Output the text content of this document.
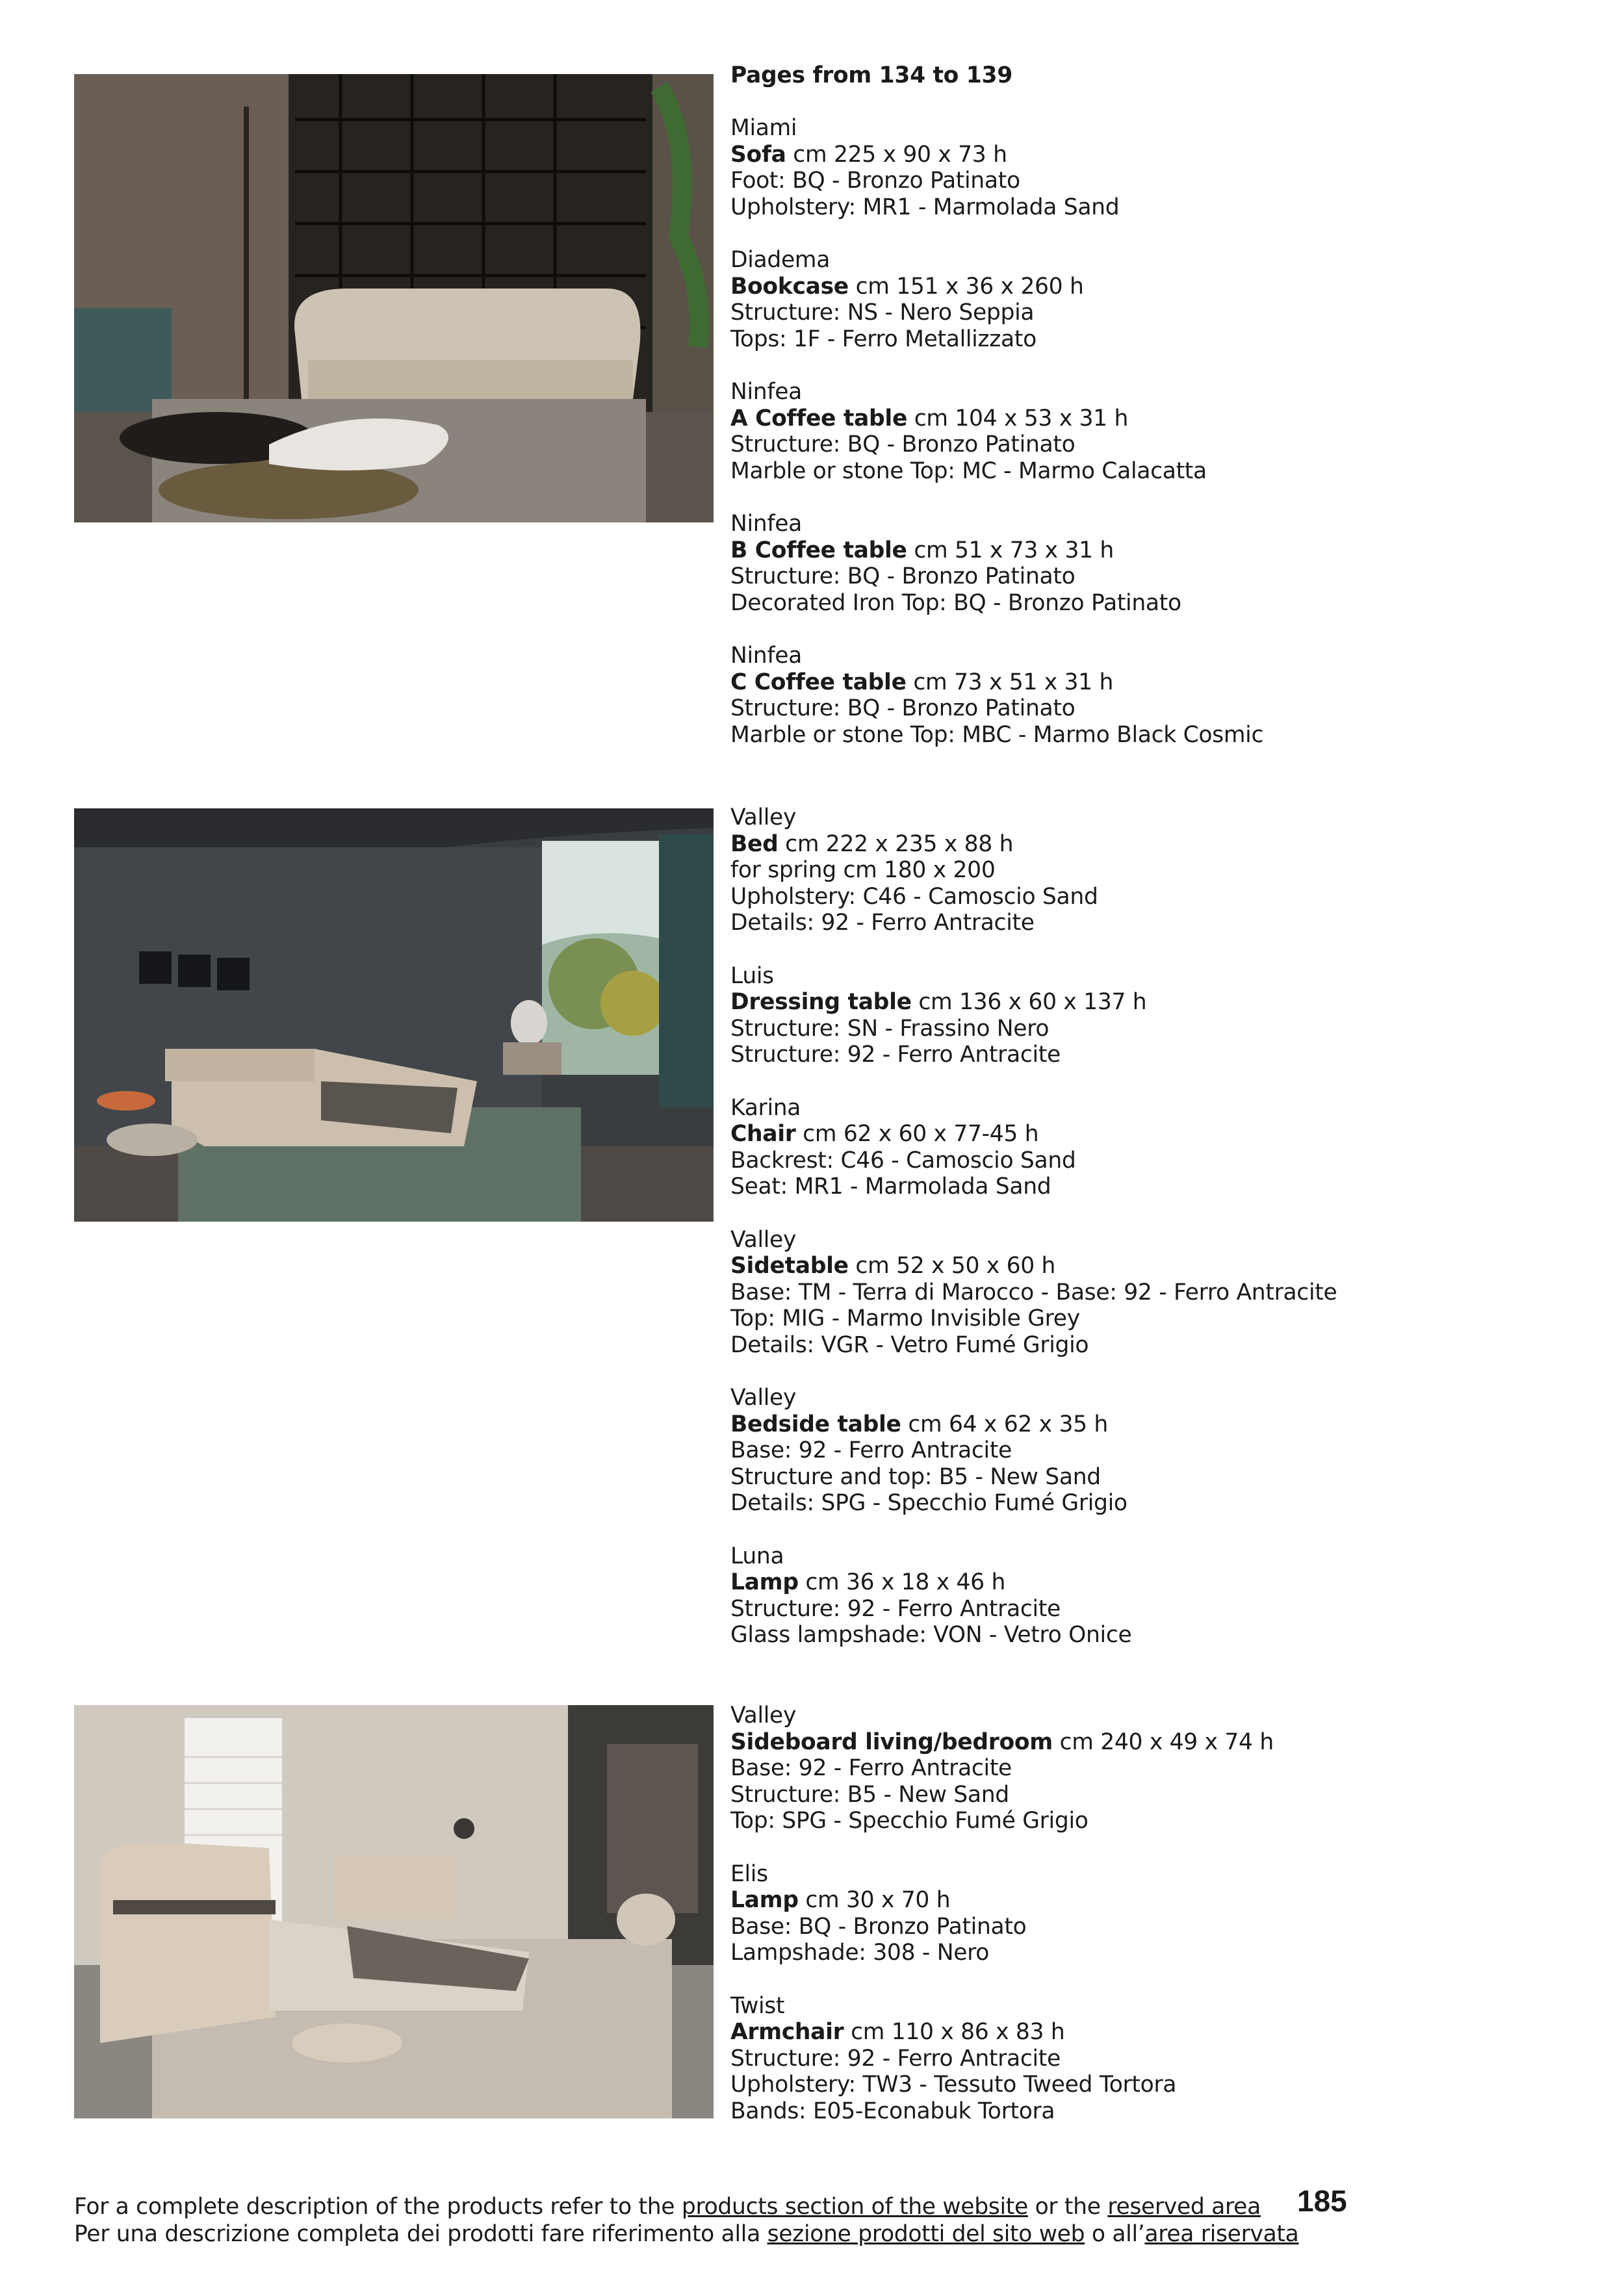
Pages from 134 to 139
Miami
Sofa cm 225 x 90 x 73 h
Foot: BQ - Bronzo Patinato
Upholstery: MR1 - Marmolada Sand
Diadema
Bookcase cm 151 x 36 x 260 h
Structure: NS - Nero Seppia
Tops: 1F - Ferro Metallizzato
Ninfea
A Coffee table cm 104 x 53 x 31 h
Structure: BQ - Bronzo Patinato
Marble or stone Top: MC - Marmo Calacatta
Ninfea
B Coffee table cm 51 x 73 x 31 h
Structure: BQ - Bronzo Patinato
Decorated Iron Top: BQ - Bronzo Patinato
Ninfea
C Coffee table cm 73 x 51 x 31 h
Structure: BQ - Bronzo Patinato
Marble or stone Top: MBC - Marmo Black Cosmic
Valley
Bed cm 222 x 235 x 88 h
for spring cm 180 x 200
Upholstery: C46 - Camoscio Sand
Details: 92 - Ferro Antracite
Luis
Dressing table cm 136 x 60 x 137 h
Structure: SN - Frassino Nero
Structure: 92 - Ferro Antracite
Karina
Chair cm 62 x 60 x 77-45 h
Backrest: C46 - Camoscio Sand
Seat: MR1 - Marmolada Sand
Valley
Sidetable cm 52 x 50 x 60 h
Base: TM - Terra di Marocco - Base: 92 - Ferro Antracite
Top: MIG - Marmo Invisible Grey
Details: VGR - Vetro Fumé Grigio
Valley
Bedside table cm 64 x 62 x 35 h
Base: 92 - Ferro Antracite
Structure and top: B5 - New Sand
Details: SPG - Specchio Fumé Grigio
Luna
Lamp cm 36 x 18 x 46 h
Structure: 92 - Ferro Antracite
Glass lampshade: VON - Vetro Onice
Valley
Sideboard living/bedroom cm 240 x 49 x 74 h
Base: 92 - Ferro Antracite
Structure: B5 - New Sand
Top: SPG - Specchio Fumé Grigio
Elis
Lamp cm 30 x 70 h
Base: BQ - Bronzo Patinato
Lampshade: 308 - Nero
Twist
Armchair cm 110 x 86 x 83 h
Structure: 92 - Ferro Antracite
Upholstery: TW3 - Tessuto Tweed Tortora
Bands: E05-Econabuk Tortora
For a complete description of the products refer to the products section of the website or the reserved area
Per una descrizione completa dei prodotti fare riferimento alla sezione prodotti del sito web o all’area riservata
185
